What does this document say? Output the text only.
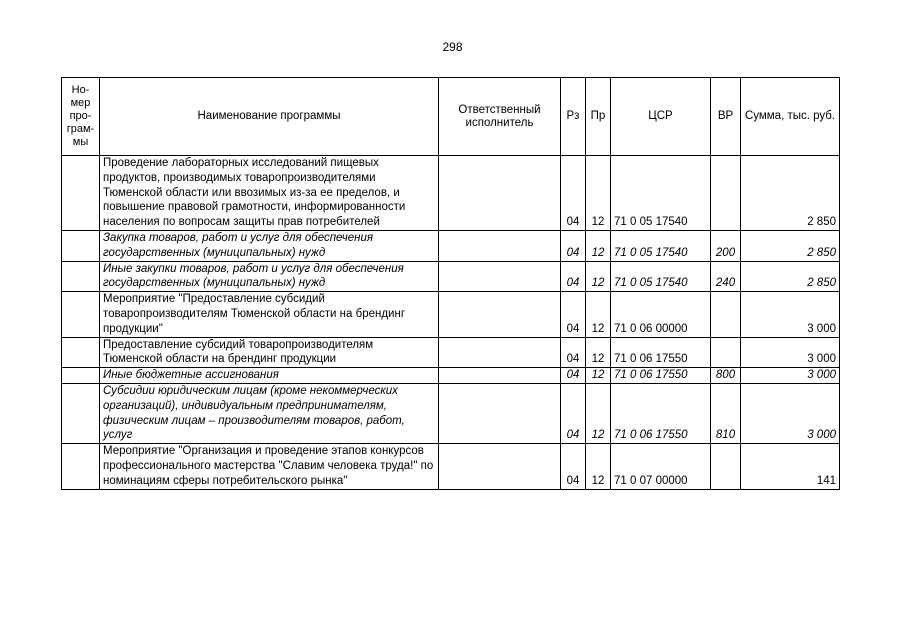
298
Но-мер про-грам-мы	Наименование программы	Ответственный исполнитель	Рз	Пр	ЦСР	ВР	Сумма, тыс. руб.
	Проведение лабораторных исследований пищевых продуктов, производимых товаропроизводителями Тюменской области или ввозимых из-за ее пределов, и повышение правовой грамотности, информированности населения по вопросам защиты прав потребителей		04	12	71 0 05 17540		2 850
	Закупка товаров, работ и услуг для обеспечения государственных (муниципальных) нужд		04	12	71 0 05 17540	200	2 850
	Иные закупки товаров, работ и услуг для обеспечения государственных (муниципальных) нужд		04	12	71 0 05 17540	240	2 850
	Мероприятие "Предоставление субсидий товаропроизводителям Тюменской области на брендинг продукции"		04	12	71 0 06 00000		3 000
	Предоставление субсидий товаропроизводителям Тюменской области на брендинг продукции		04	12	71 0 06 17550		3 000
	Иные бюджетные ассигнования		04	12	71 0 06 17550	800	3 000
	Субсидии юридическим лицам (кроме некоммерческих организаций), индивидуальным предпринимателям, физическим лицам – производителям товаров, работ, услуг		04	12	71 0 06 17550	810	3 000
	Мероприятие "Организация и проведение этапов конкурсов профессионального мастерства "Славим человека труда!" по номинациям сферы потребительского рынка"		04	12	71 0 07 00000		141
